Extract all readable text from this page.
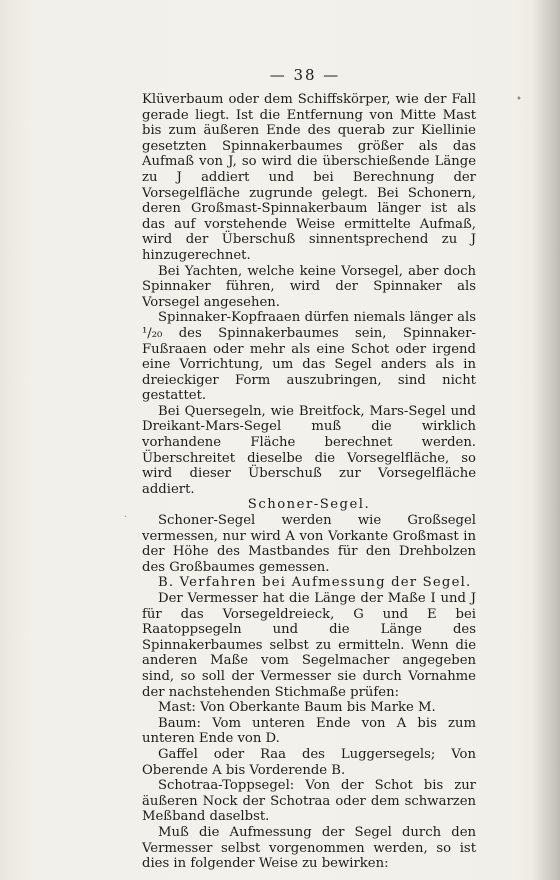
— 38 —

Klüverbaum oder dem Schiffskörper, wie der Fall gerade liegt. Ist die Entfernung von Mitte Mast bis zum äußeren Ende des querab zur Kiellinie gesetzten Spinnakerbaumes größer als das Aufmaß von J, so wird die überschießende Länge zu J addiert und bei Berechnung der Vorsegelfläche zugrunde gelegt. Bei Schonern, deren Großmast-Spinnakerbaum länger ist als das auf vorstehende Weise ermittelte Aufmaß, wird der Überschuß sinnentsprechend zu J hinzugerechnet.

Bei Yachten, welche keine Vorsegel, aber doch Spinnaker führen, wird der Spinnaker als Vorsegel angesehen.

Spinnaker-Kopfraaen dürfen niemals länger als ¹/₂₀ des Spinnakerbaumes sein, Spinnaker-Fußraaen oder mehr als eine Schot oder irgend eine Vorrichtung, um das Segel anders als in dreieckiger Form auszubringen, sind nicht gestattet.

Bei Quersegeln, wie Breitfock, Mars-Segel und Dreikant-Mars-Segel muß die wirklich vorhandene Fläche berechnet werden. Überschreitet dieselbe die Vorsegelfläche, so wird dieser Überschuß zur Vorsegelfläche addiert.

Schoner-Segel.

Schoner-Segel werden wie Großsegel vermessen, nur wird A von Vorkante Großmast in der Höhe des Mastbandes für den Drehbolzen des Großbaumes gemessen.

B. Verfahren bei Aufmessung der Segel.

Der Vermesser hat die Länge der Maße I und J für das Vorsegeldreieck, G und E bei Raatoppsegeln und die Länge des Spinnakerbaumes selbst zu ermitteln. Wenn die anderen Maße vom Segelmacher angegeben sind, so soll der Vermesser sie durch Vornahme der nachstehenden Stichmaße prüfen:

Mast: Von Oberkante Baum bis Marke M.

Baum: Vom unteren Ende von A bis zum unteren Ende von D.

Gaffel oder Raa des Luggersegels; Von Oberende A bis Vorderende B.

Schotraa-Toppsegel: Von der Schot bis zur äußeren Nock der Schotraa oder dem schwarzen Meßband daselbst.

Muß die Aufmessung der Segel durch den Vermesser selbst vorgenommen werden, so ist dies in folgender Weise zu bewirken:

•
·
